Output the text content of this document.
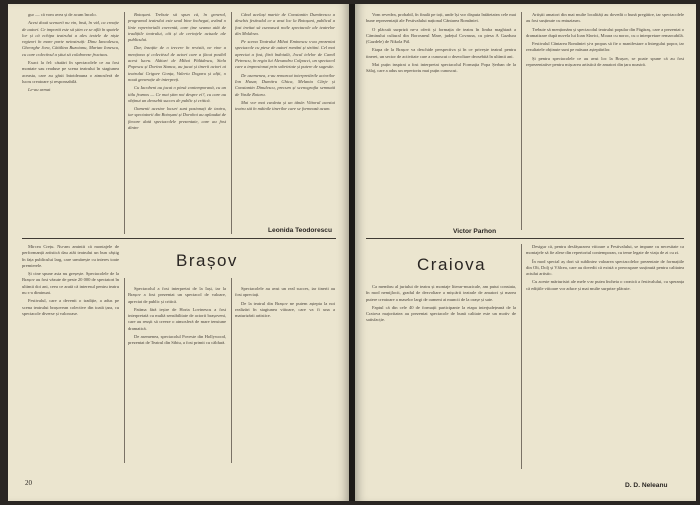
gur — că vom avea și de acum încolo.

Acest două scenarii nu vin, însă, în vid, ca creație de autori. Ce importă este să știm ce se află în spatele lor și că echipa teatrului a ales textele de niște regizori în mare parte neinstruiți: Dinu Ianculescu, Gheorghe Jora, Cătălina Buzoianu, Marian Ionescu, cu care colectivul a știut să colaboreze fructuos.

Exact la fel: căutări în spectacolele ce au fost montate sau readuse pe scena teatrului în stagiunea aceasta, care au găsit întotdeauna o atmosferă de lucru creatoare și responsabilă.

Le-au urmat

Botoșani. Trebuie să spun că, în general, programul teatrului este unul bine închegat, având o linie repertorială coerentă, care ține seama atât de tradițiile teatrului, cât și de cerințele actuale ale publicului.

Dar, însoțite de o trecere în revistă, ne vine a menționa și colectivul de actori care a făcut posibil acest lucru. Alături de Mihai Pălădescu, Stela Popescu și Dorina Stanca, au jucat și tinerii actori ai teatrului Grigore Gonța, Valeriu Dogaru și alții, o nouă generație de interpreți.

Cu Iacobeni au jucat o piesă contemporană, cu un titlu frumos — Ce mai știm noi despre ei?, cu care au obținut un deosebit succes de public și critică.

Oamenii acestor locuri sunt pasionați de teatru, iar spectatorii din Botoșani și Dorohoi au aplaudat de fiecare dată spectacolele prezentate, care au fost dintre

Când același martie de Constantin Dumitrescu a deschis festivalul ce a avut loc la Botoșani, publicul a fost invitat să cunoască noile spectacole ale teatrelor din Moldova.

Pe scena Teatrului Mihai Eminescu s-au prezentat spectacole cu piese de autori români și străini. Cel mai apreciat a fost, fără îndoială, Jocul ielelor de Camil Petrescu, în regia lui Alexandru Colpacci, un spectacol care a impresionat prin sobrietate și putere de sugestie.

De asemenea, s-au remarcat interpretările actorilor Ion Husar, Dumitru Ghica, Melania Cârje și Constantin Dinulescu, precum și scenografia semnată de Vasile Rotaru.

Mai vor mai cuvânta și un tânăr. Viitorul acestui teatru stă în mâinile tinerilor care se formează acum.

Leonida Teodorescu

Mircea Crețu. Nu-am amintit că montajele de performanță artistică dau atât teatrului un bun câștig în fața publicului larg, care urmărește cu interes toate premierele.

Și cine spune asta nu greșește. Spectacolele de la Brașov au fost văzute de peste 20 000 de spectatori în ultimii doi ani, ceea ce arată că interesul pentru teatru nu s-a diminuat.

Festivalul, care a devenit o tradiție, a adus pe scena teatrului brașovean colective din toată țara, cu spectacole diverse și valoroase.

Brașov

Spectacolul a fost interpretat de la Iași, iar la Brașov a fost prezentat un spectacol de valoare, apreciat de public și critică.

Patima fără ieșire de Horia Lovinescu a fost interpretată cu multă sensibilitate de actorii brașoveni, care au reușit să creeze o atmosferă de mare tensiune dramatică.

De asemenea, spectacolul Poveste din Hollywood, prezentat de Teatrul din Sibiu, a fost primit cu căldură.

Spectacolele au avut un real succes, iar tinerii au fost apreciați.

De la teatrul din Brașov ne putem aștepta la noi realizări în stagiunea viitoare, care va fi una a maturizării artistice.

20

Vom revedea, probabil, în finală pe toți, unde își vor disputa întâietatea cele mai bune reprezentații ale Festivalului național Cântarea României.

O plăcută surpriză ne-a oferit și formația de teatru în limba maghiară a Căminului cultural din Borosneul Mare, județul Covasna, cu piesa A Gazdura (Gazdele) de Nikola Pál.

Etapa de la Brașov va deschide perspectiva și în ce privește teatrul pentru tineret, un sector de activitate care a cunoscut o dezvoltare deosebită în ultimii ani.

Mai puțin inspirat a fost interpretat spectacolul Formația Popa Șerban de la Sălaj, care a adus un repertoriu mai puțin cunoscut.

Artiștii amatori din mai multe localități au dovedit o bună pregătire, iar spectacolele au fost susținute cu entuziasm.

Trebuie să menționăm și spectacolul teatrului popular din Făgăraș, care a prezentat o dramatizare după nuvela lui Ioan Slavici, Moara cu noroc, cu o interpretare remarcabilă.

Festivalul Cântarea României și-a propus să fie o manifestare a întregului popor, iar rezultatele obținute sunt pe măsura așteptărilor.

Și pentru spectacolele ce au avut loc la Brașov, se poate spune că au fost reprezentative pentru mișcarea artistică de amatori din țara noastră.

Victor Parhon
Craiova

Ca membru al juriului de teatru și montaje literar-muzicale, am putut constata, în mod nemijlocit, gradul de dezvoltare a mișcării teatrale de amatori și marea putere creatoare a maselor largi de oameni ai muncii de la orașe și sate.

Faptul că din cele 40 de formații participante la etapa interjudețeană de la Craiova majoritatea au prezentat spectacole de bună calitate este un motiv de satisfacție.

Desigur că, pentru desfășurarea viitoare a Festivalului, se impune cu necesitate ca montajele să fie alese din repertoriul contemporan, cu teme legate de viața de zi cu zi.

În mod special aș dori să subliniez valoarea spectacolelor prezentate de formațiile din Olt, Dolj și Vâlcea, care au dovedit că există o preocupare susținută pentru calitatea actului artistic.

Cu aceste mărturisiri ale mele s-ar putea încheia o cronică a festivalului, cu speranța că edițiile viitoare vor aduce și mai multe surprize plăcute.

D. D. Neleanu
